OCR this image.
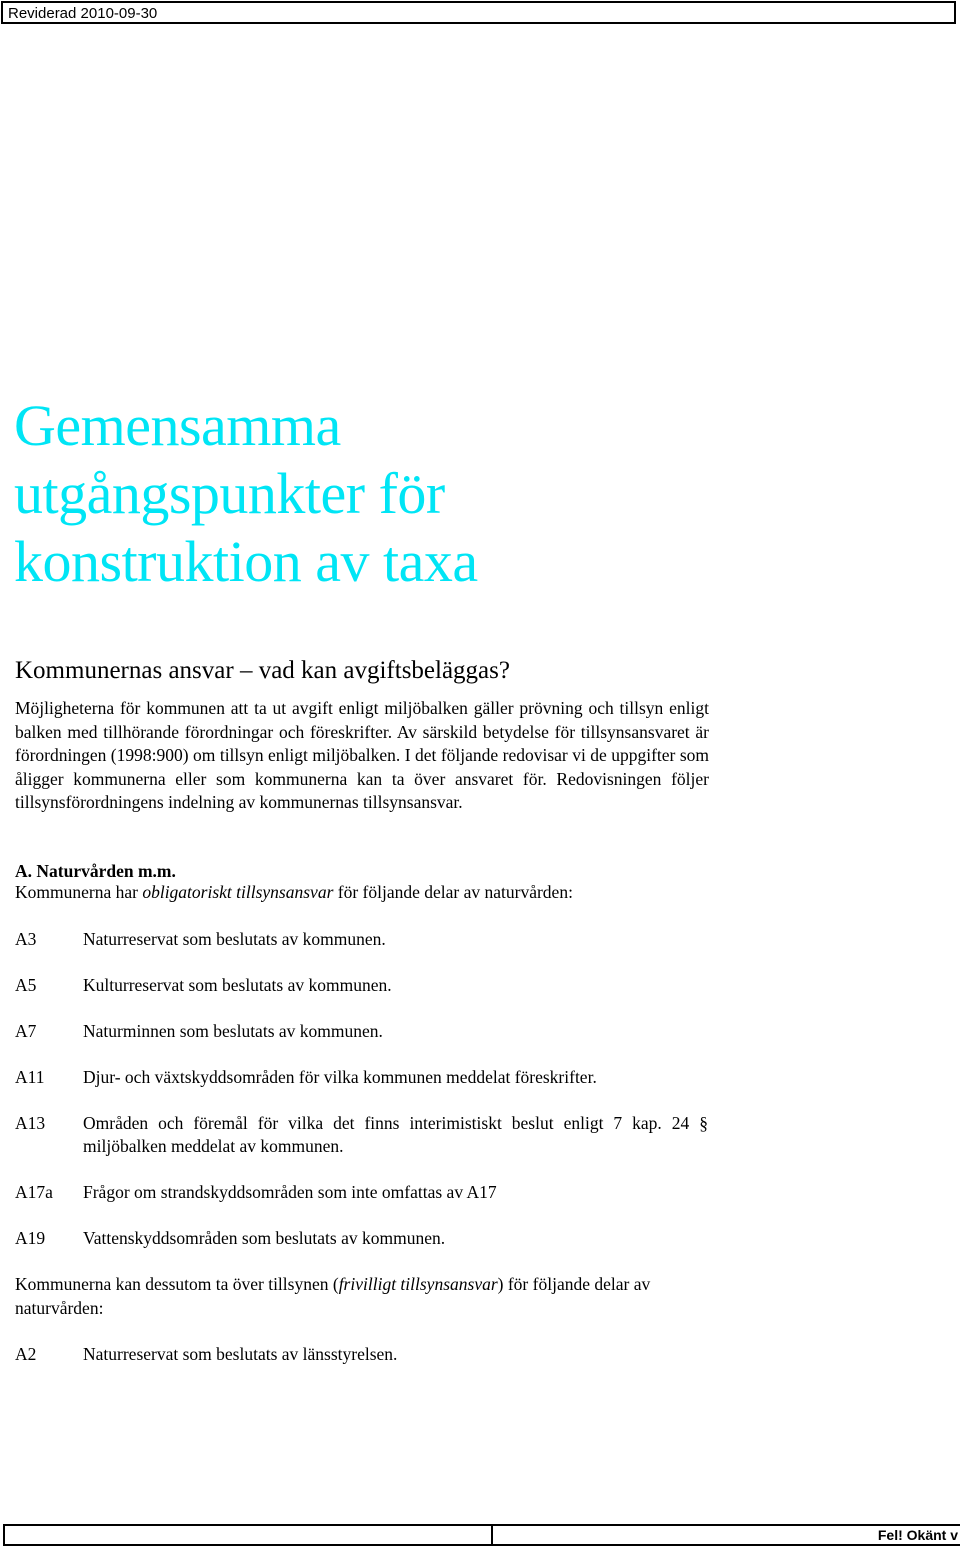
Reviderad 2010-09-30
Gemensamma
utgångspunkter för
konstruktion av taxa
Kommunernas ansvar – vad kan avgiftsbeläggas?
Möjligheterna för kommunen att ta ut avgift enligt miljöbalken gäller prövning och tillsyn enligt balken med tillhörande förordningar och föreskrifter. Av särskild betydelse för tillsynsansvaret är förordningen (1998:900) om tillsyn enligt miljöbalken. I det följande redovisar vi de uppgifter som åligger kommunerna eller som kommunerna kan ta över ansvaret för. Redovisningen följer tillsynsförordningens indelning av kommunernas tillsynsansvar.
A. Naturvården m.m.
Kommunerna har obligatoriskt tillsynsansvar för följande delar av naturvården:
A3	Naturreservat som beslutats av kommunen.
A5	Kulturreservat som beslutats av kommunen.
A7	Naturminnen som beslutats av kommunen.
A11 Djur- och växtskyddsområden för vilka kommunen meddelat föreskrifter.
A13 Områden och föremål för vilka det finns interimistiskt beslut enligt 7 kap. 24 § miljöbalken meddelat av kommunen.
A17a Frågor om strandskyddsområden som inte omfattas av A17
A19 Vattenskyddsområden som beslutats av kommunen.
Kommunerna kan dessutom ta över tillsynen (frivilligt tillsynsansvar) för följande delar av naturvården:
A2	Naturreservat som beslutats av länsstyrelsen.
Fel! Okänt v
